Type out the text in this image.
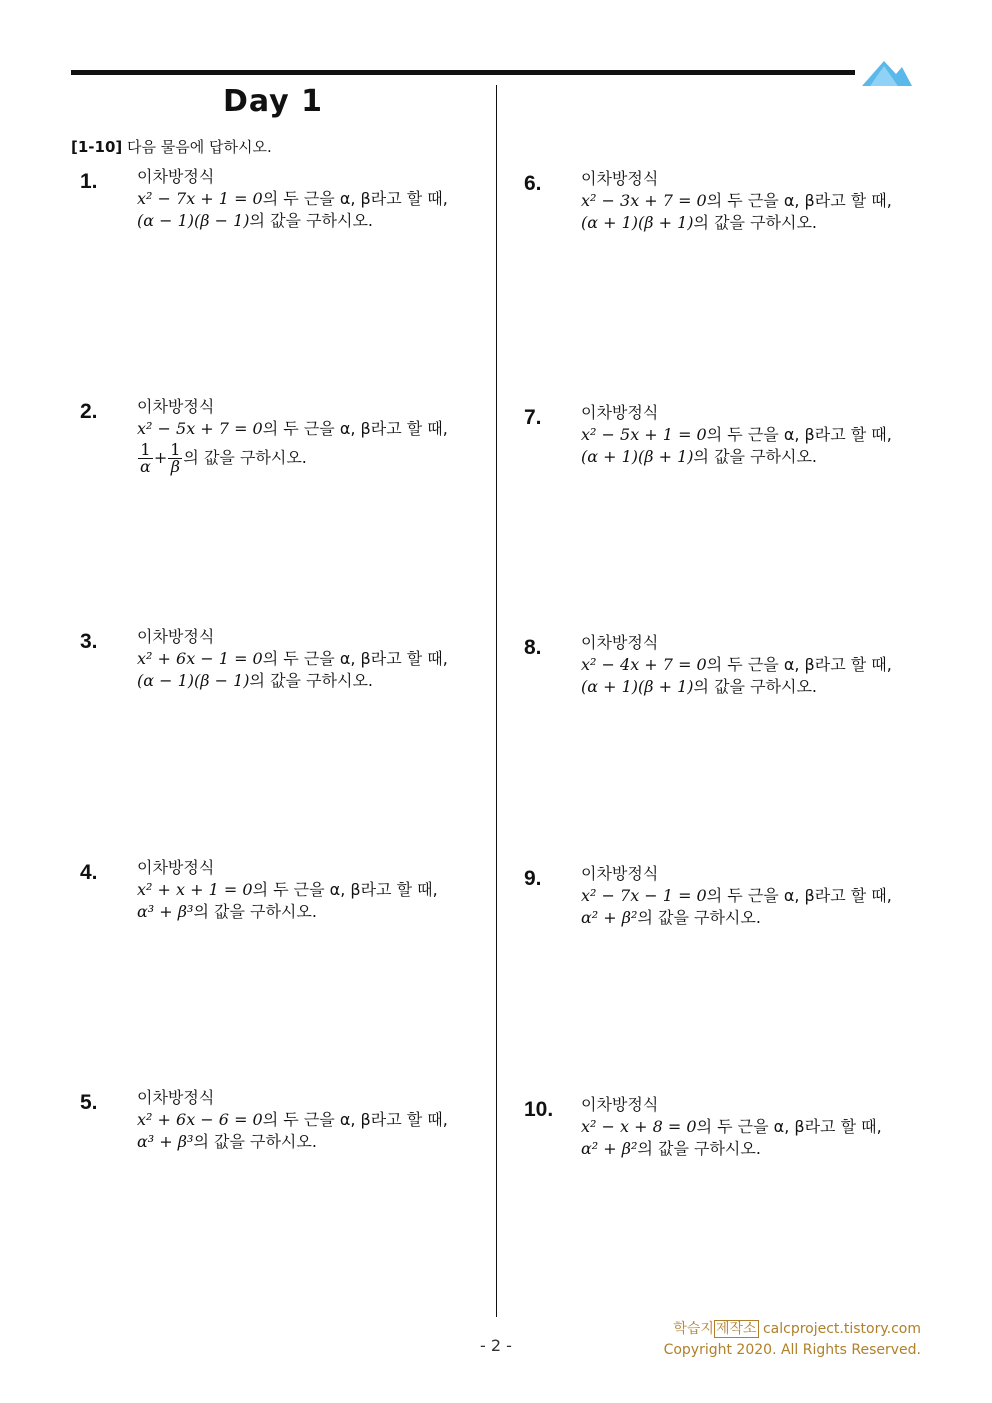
Day 1
[1-10] 다음 물음에 답하시오.
1. 이차방정식
x² − 7x + 1 = 0의 두 근을 α, β라고 할 때,
(α − 1)(β − 1)의 값을 구하시오.
2. 이차방정식
x² − 5x + 7 = 0의 두 근을 α, β라고 할 때,
$\frac{1}{\alpha} + \frac{1}{\beta}$ 의 값을 구하시오.
3. 이차방정식
x² + 6x − 1 = 0의 두 근을 α, β라고 할 때,
(α − 1)(β − 1)의 값을 구하시오.
4. 이차방정식
x² + x + 1 = 0의 두 근을 α, β라고 할 때,
α³ + β³의 값을 구하시오.
5. 이차방정식
x² + 6x − 6 = 0의 두 근을 α, β라고 할 때,
α³ + β³의 값을 구하시오.
6. 이차방정식
x² − 3x + 7 = 0의 두 근을 α, β라고 할 때,
(α + 1)(β + 1)의 값을 구하시오.
7. 이차방정식
x² − 5x + 1 = 0의 두 근을 α, β라고 할 때,
(α + 1)(β + 1)의 값을 구하시오.
8. 이차방정식
x² − 4x + 7 = 0의 두 근을 α, β라고 할 때,
(α + 1)(β + 1)의 값을 구하시오.
9. 이차방정식
x² − 7x − 1 = 0의 두 근을 α, β라고 할 때,
α² + β²의 값을 구하시오.
10. 이차방정식
x² − x + 8 = 0의 두 근을 α, β라고 할 때,
α² + β²의 값을 구하시오.
학습지 제작소 calcproject.tistory.com
Copyright 2020. All Rights Reserved.
- 2 -
